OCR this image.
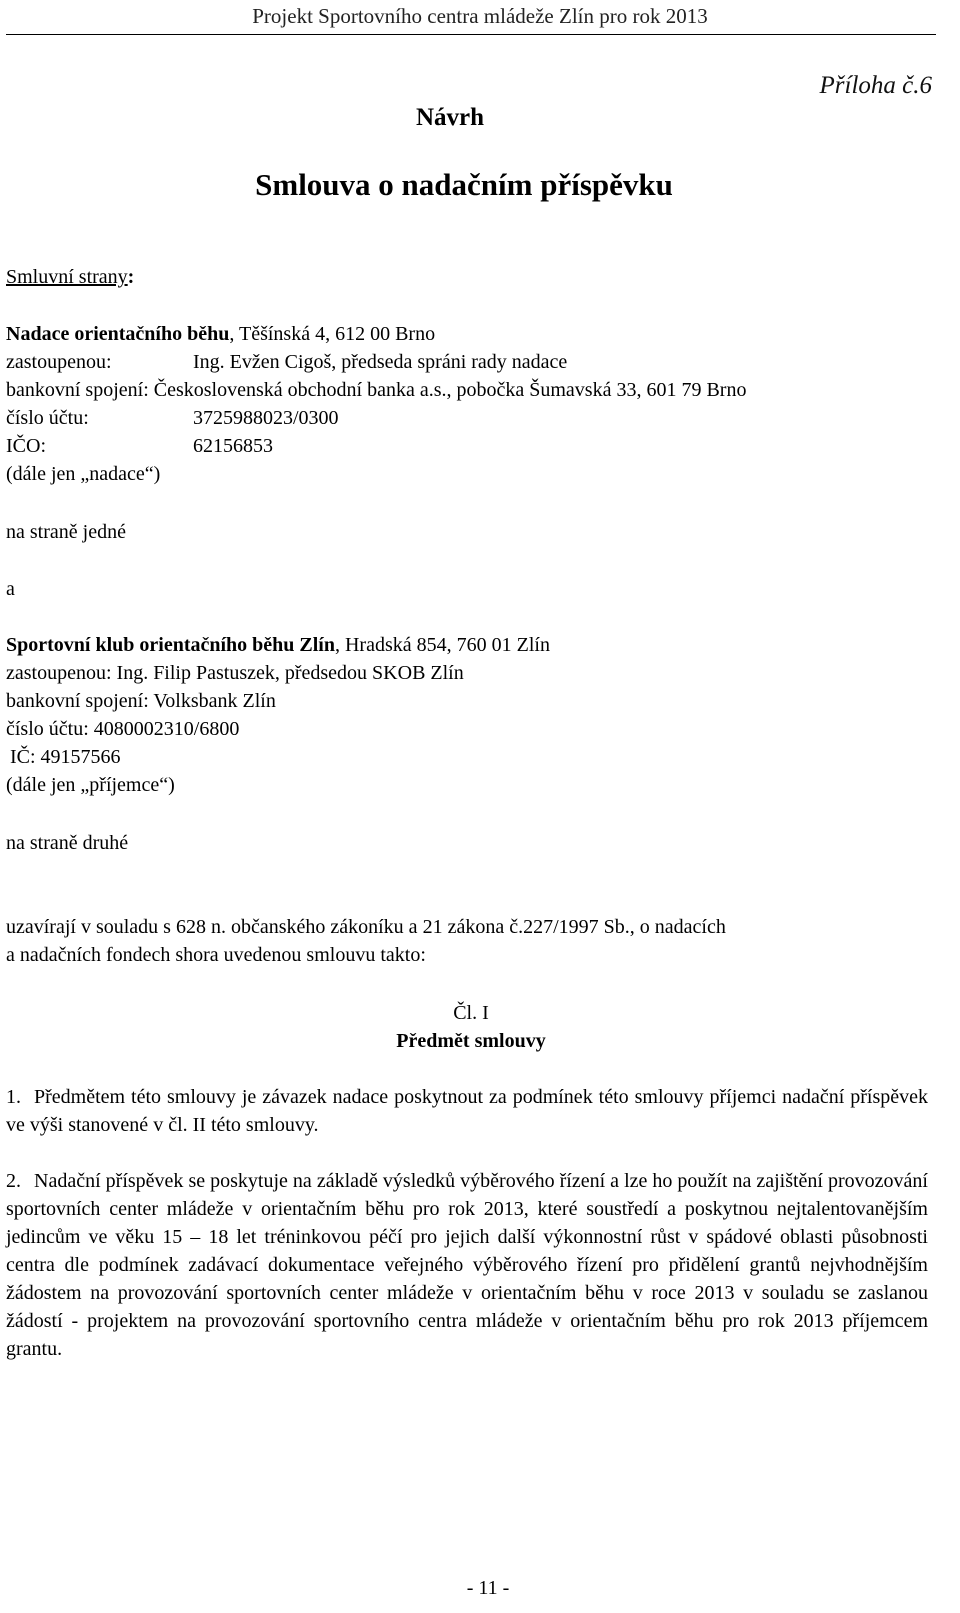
Projekt Sportovního centra mládeže Zlín pro rok 2013
Příloha č.6
Návrh
Smlouva o nadačním příspěvku
Smluvní strany:
Nadace orientačního běhu, Těšínská 4, 612 00 Brno
zastoupenou:	Ing. Evžen Cigoš, předseda spráni rady nadace
bankovní spojení: Československá obchodní banka a.s., pobočka Šumavská 33, 601 79 Brno
číslo účtu:	3725988023/0300
IČO:	62156853
(dále jen „nadace“)
na straně jedné
a
Sportovní klub orientačního běhu Zlín, Hradská 854, 760 01 Zlín
zastoupenou: Ing. Filip Pastuszek, předsedou SKOB Zlín
bankovní spojení: Volksbank Zlín
číslo účtu: 4080002310/6800
IČ: 49157566
(dále jen „příjemce“)
na straně druhé
uzavírají v souladu s 628 n. občanského zákoníku a 21 zákona č.227/1997 Sb., o nadacích
a nadačních fondech shora uvedenou smlouvu takto:
Čl. I
Předmět smlouvy

1. Předmětem této smlouvy je závazek nadace poskytnout za podmínek této smlouvy příjemci nadační příspěvek ve výši stanovené v čl. II této smlouvy.

2. Nadační příspěvek se poskytuje na základě výsledků výběrového řízení a lze ho použít na zajištění provozování sportovních center mládeže v orientačním běhu pro rok 2013, které soustředí a poskytnou nejtalentovanějším jedincům ve věku 15 – 18 let tréninkovou péčí pro jejich další výkonnostní růst v spádové oblasti působnosti centra dle podmínek zadávací dokumentace veřejného výběrového řízení pro přidělení grantů nejvhodnějším žádostem na provozování sportovních center mládeže v orientačním běhu v roce 2013 v souladu se zaslanou žádostí - projektem na provozování sportovního centra mládeže v orientačním běhu pro rok 2013 příjemcem grantu.

- 11 -
